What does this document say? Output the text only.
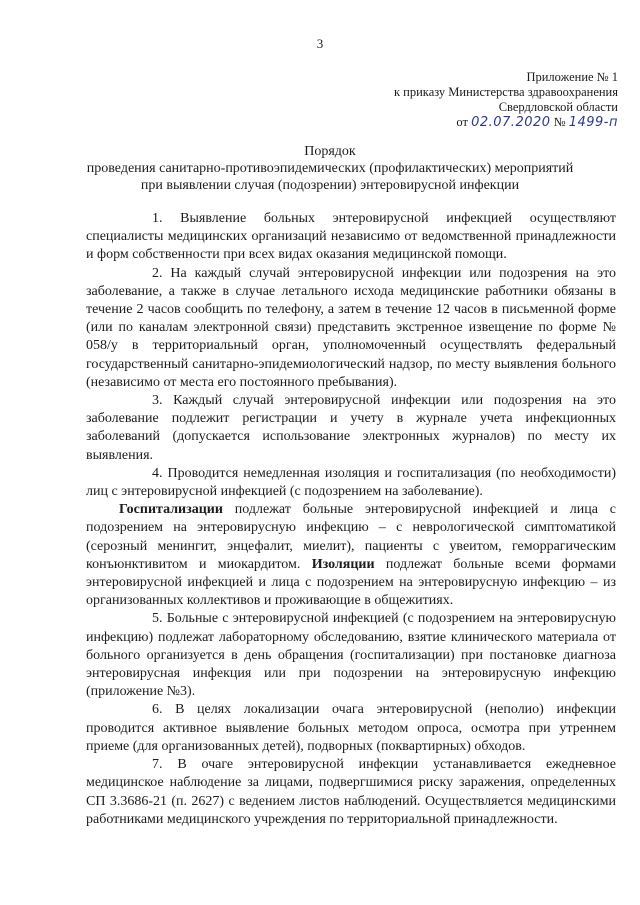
3
Приложение № 1
к приказу Министерства здравоохранения
Свердловской области
от 02.07.2020 № 1499-п
Порядок
проведения санитарно-противоэпидемических (профилактических) мероприятий
при выявлении случая (подозрении) энтеровирусной инфекции

1. Выявление больных энтеровирусной инфекцией осуществляют специалисты медицинских организаций независимо от ведомственной принадлежности и форм собственности при всех видах оказания медицинской помощи.

2. На каждый случай энтеровирусной инфекции или подозрения на это заболевание, а также в случае летального исхода медицинские работники обязаны в течение 2 часов сообщить по телефону, а затем в течение 12 часов в письменной форме (или по каналам электронной связи) представить экстренное извещение по форме № 058/у в территориальный орган, уполномоченный осуществлять федеральный государственный санитарно-эпидемиологический надзор, по месту выявления больного (независимо от места его постоянного пребывания).

3. Каждый случай энтеровирусной инфекции или подозрения на это заболевание подлежит регистрации и учету в журнале учета инфекционных заболеваний (допускается использование электронных журналов) по месту их выявления.

4. Проводится немедленная изоляция и госпитализация (по необходимости) лиц с энтеровирусной инфекцией (с подозрением на заболевание).

Госпитализации подлежат больные энтеровирусной инфекцией и лица с подозрением на энтеровирусную инфекцию – с неврологической симптоматикой (серозный менингит, энцефалит, миелит), пациенты с увеитом, геморрагическим конъюнктивитом и миокардитом. Изоляции подлежат больные всеми формами энтеровирусной инфекцией и лица с подозрением на энтеровирусную инфекцию – из организованных коллективов и проживающие в общежитиях.

5. Больные с энтеровирусной инфекцией (с подозрением на энтеровирусную инфекцию) подлежат лабораторному обследованию, взятие клинического материала от больного организуется в день обращения (госпитализации) при постановке диагноза энтеровирусная инфекция или при подозрении на энтеровирусную инфекцию (приложение №3).

6. В целях локализации очага энтеровирусной (неполио) инфекции проводится активное выявление больных методом опроса, осмотра при утреннем приеме (для организованных детей), подворных (поквартирных) обходов.

7. В очаге энтеровирусной инфекции устанавливается ежедневное медицинское наблюдение за лицами, подвергшимися риску заражения, определенных СП 3.3686-21 (п. 2627) с ведением листов наблюдений. Осуществляется медицинскими работниками медицинского учреждения по территориальной принадлежности.
